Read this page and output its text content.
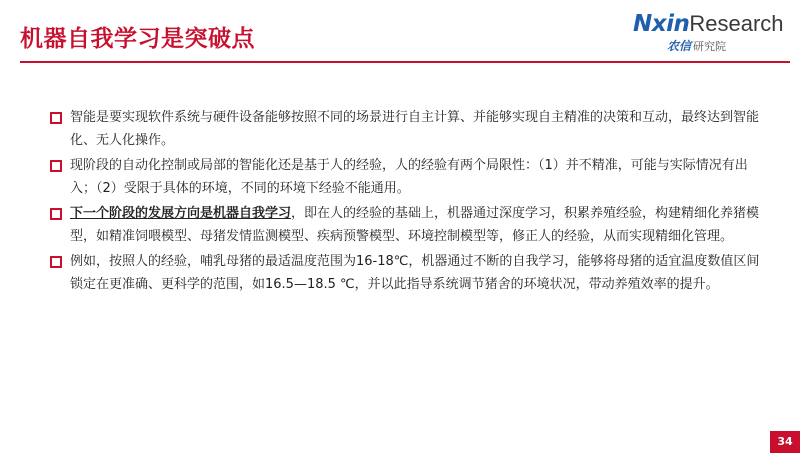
机器自我学习是突破点
NxinResearch
农信 研究院
智能是要实现软件系统与硬件设备能够按照不同的场景进行自主计算、并能够实现自主精准的决策和互动，最终达到智能化、无人化操作。
现阶段的自动化控制或局部的智能化还是基于人的经验，人的经验有两个局限性：（1）并不精准，可能与实际情况有出入；（2）受限于具体的环境，不同的环境下经验不能通用。
下一个阶段的发展方向是机器自我学习，即在人的经验的基础上，机器通过深度学习，积累养殖经验，构建精细化养猪模型，如精准饲喂模型、母猪发情监测模型、疾病预警模型、环境控制模型等，修正人的经验，从而实现精细化管理。
例如，按照人的经验，哺乳母猪的最适温度范围为16-18℃，机器通过不断的自我学习，能够将母猪的适宜温度数值区间锁定在更准确、更科学的范围，如16.5—18.5 ℃，并以此指导系统调节猪舍的环境状况，带动养殖效率的提升。
34
